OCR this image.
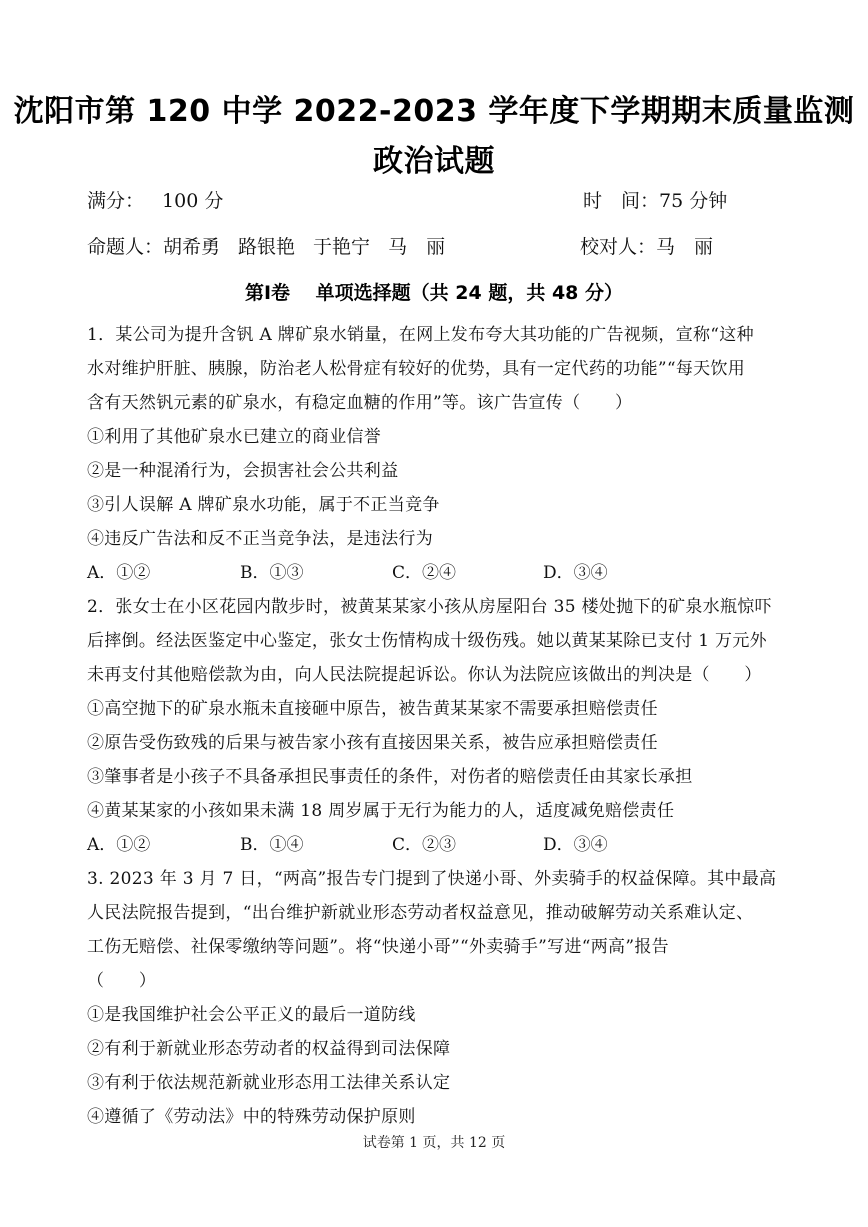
沈阳市第 120 中学 2022-2023 学年度下学期期末质量监测
政治试题
满分： 100 分	时　间：75 分钟
命题人：胡希勇 路银艳 于艳宁 马　丽	校对人：马　丽
第Ⅰ卷　 单项选择题（共 24 题，共 48 分）
1．某公司为提升含钒 A 牌矿泉水销量，在网上发布夸大其功能的广告视频，宣称“这种
水对维护肝脏、胰腺，防治老人松骨症有较好的优势，具有一定代药的功能”“每天饮用
含有天然钒元素的矿泉水，有稳定血糖的作用”等。该广告宣传（　　）
①利用了其他矿泉水已建立的商业信誉
②是一种混淆行为，会损害社会公共利益
③引人误解 A 牌矿泉水功能，属于不正当竞争
④违反广告法和反不正当竞争法，是违法行为
A．①②	B．①③	C．②④	D．③④
2．张女士在小区花园内散步时，被黄某某家小孩从房屋阳台 35 楼处抛下的矿泉水瓶惊吓
后摔倒。经法医鉴定中心鉴定，张女士伤情构成十级伤残。她以黄某某除已支付 1 万元外
未再支付其他赔偿款为由，向人民法院提起诉讼。你认为法院应该做出的判决是（　　）
①高空抛下的矿泉水瓶未直接砸中原告，被告黄某某家不需要承担赔偿责任
②原告受伤致残的后果与被告家小孩有直接因果关系，被告应承担赔偿责任
③肇事者是小孩子不具备承担民事责任的条件，对伤者的赔偿责任由其家长承担
④黄某某家的小孩如果未满 18 周岁属于无行为能力的人，适度减免赔偿责任
A．①②	B．①④	C．②③	D．③④
3. 2023 年 3 月 7 日，“两高”报告专门提到了快递小哥、外卖骑手的权益保障。其中最高
人民法院报告提到，“出台维护新就业形态劳动者权益意见，推动破解劳动关系难认定、
工伤无赔偿、社保零缴纳等问题”。将“快递小哥”“外卖骑手”写进“两高”报告
（　　）
①是我国维护社会公平正义的最后一道防线
②有利于新就业形态劳动者的权益得到司法保障
③有利于依法规范新就业形态用工法律关系认定
④遵循了《劳动法》中的特殊劳动保护原则
试卷第 1 页，共 12 页
